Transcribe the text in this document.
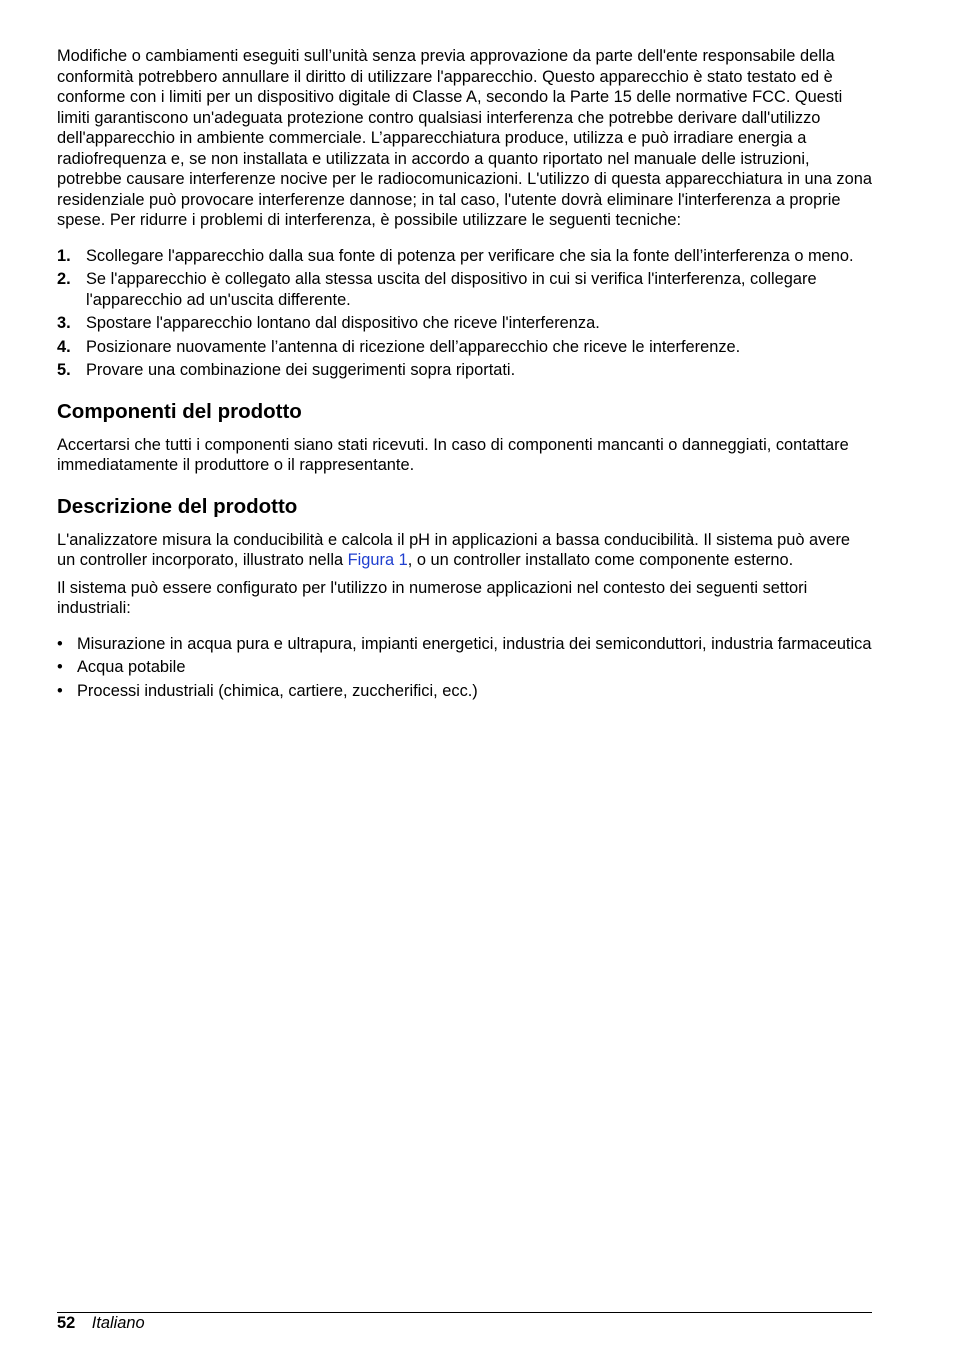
Modifiche o cambiamenti eseguiti sull’unità senza previa approvazione da parte dell'ente responsabile della conformità potrebbero annullare il diritto di utilizzare l'apparecchio. Questo apparecchio è stato testato ed è conforme con i limiti per un dispositivo digitale di Classe A, secondo la Parte 15 delle normative FCC. Questi limiti garantiscono un'adeguata protezione contro qualsiasi interferenza che potrebbe derivare dall'utilizzo dell'apparecchio in ambiente commerciale. L’apparecchiatura produce, utilizza e può irradiare energia a radiofrequenza e, se non installata e utilizzata in accordo a quanto riportato nel manuale delle istruzioni, potrebbe causare interferenze nocive per le radiocomunicazioni. L'utilizzo di questa apparecchiatura in una zona residenziale può provocare interferenze dannose; in tal caso, l'utente dovrà eliminare l'interferenza a proprie spese. Per ridurre i problemi di interferenza, è possibile utilizzare le seguenti tecniche:

1. Scollegare l'apparecchio dalla sua fonte di potenza per verificare che sia la fonte dell’interferenza o meno.
2. Se l'apparecchio è collegato alla stessa uscita del dispositivo in cui si verifica l'interferenza, collegare l'apparecchio ad un'uscita differente.
3. Spostare l'apparecchio lontano dal dispositivo che riceve l'interferenza.
4. Posizionare nuovamente l’antenna di ricezione dell’apparecchio che riceve le interferenze.
5. Provare una combinazione dei suggerimenti sopra riportati.
Componenti del prodotto

Accertarsi che tutti i componenti siano stati ricevuti. In caso di componenti mancanti o danneggiati, contattare immediatamente il produttore o il rappresentante.

Descrizione del prodotto

L'analizzatore misura la conducibilità e calcola il pH in applicazioni a bassa conducibilità. Il sistema può avere un controller incorporato, illustrato nella Figura 1, o un controller installato come componente esterno.

Il sistema può essere configurato per l'utilizzo in numerose applicazioni nel contesto dei seguenti settori industriali:

• Misurazione in acqua pura e ultrapura, impianti energetici, industria dei semiconduttori, industria farmaceutica
• Acqua potabile
• Processi industriali (chimica, cartiere, zuccherifici, ecc.)
52 Italiano
